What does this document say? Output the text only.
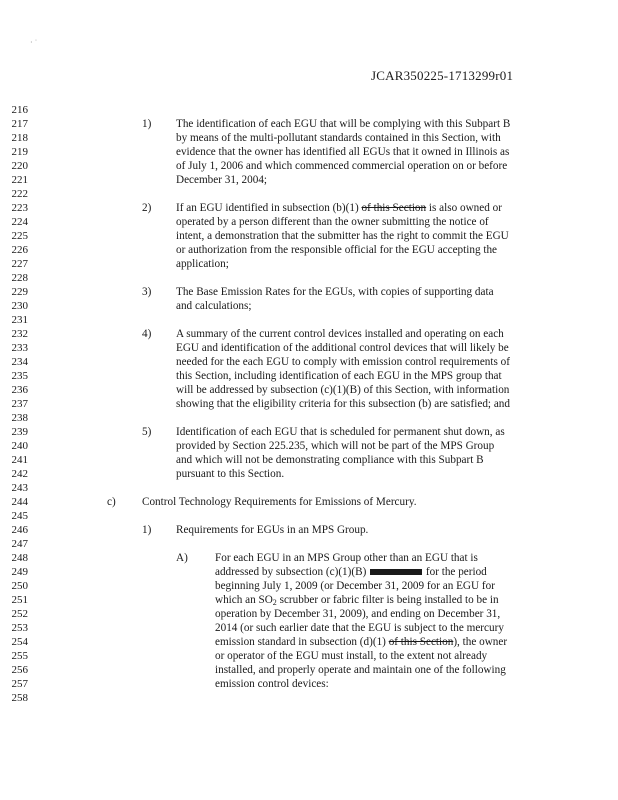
· ˙
JCAR350225-1713299r01
216
217
218
219
220
221
222
223
224
225
226
227
228
229
230
231
232
233
234
235
236
237
238
239
240
241
242
243
244
245
246
247
248
249
250
251
252
253
254
255
256
257
258
1) The identification of each EGU that will be complying with this Subpart B
by means of the multi-pollutant standards contained in this Section, with
evidence that the owner has identified all EGUs that it owned in Illinois as
of July 1, 2006 and which commenced commercial operation on or before
December 31, 2004;
2) If an EGU identified in subsection (b)(1) of this Section is also owned or
operated by a person different than the owner submitting the notice of
intent, a demonstration that the submitter has the right to commit the EGU
or authorization from the responsible official for the EGU accepting the
application;
3) The Base Emission Rates for the EGUs, with copies of supporting data
and calculations;
4) A summary of the current control devices installed and operating on each
EGU and identification of the additional control devices that will likely be
needed for the each EGU to comply with emission control requirements of
this Section, including identification of each EGU in the MPS group that
will be addressed by subsection (c)(1)(B) of this Section, with information
showing that the eligibility criteria for this subsection (b) are satisfied; and
5) Identification of each EGU that is scheduled for permanent shut down, as
provided by Section 225.235, which will not be part of the MPS Group
and which will not be demonstrating compliance with this Subpart B
pursuant to this Section.
c) Control Technology Requirements for Emissions of Mercury.
1) Requirements for EGUs in an MPS Group.
A) For each EGU in an MPS Group other than an EGU that is
addressed by subsection (c)(1)(B)	for the period
beginning July 1, 2009 (or December 31, 2009 for an EGU for
which an $SO_2$ scrubber or fabric filter is being installed to be in
operation by December 31, 2009), and ending on December 31,
2014 (or such earlier date that the EGU is subject to the mercury
emission standard in subsection (d)(1) of this Section), the owner
or operator of the EGU must install, to the extent not already
installed, and properly operate and maintain one of the following
emission control devices:
